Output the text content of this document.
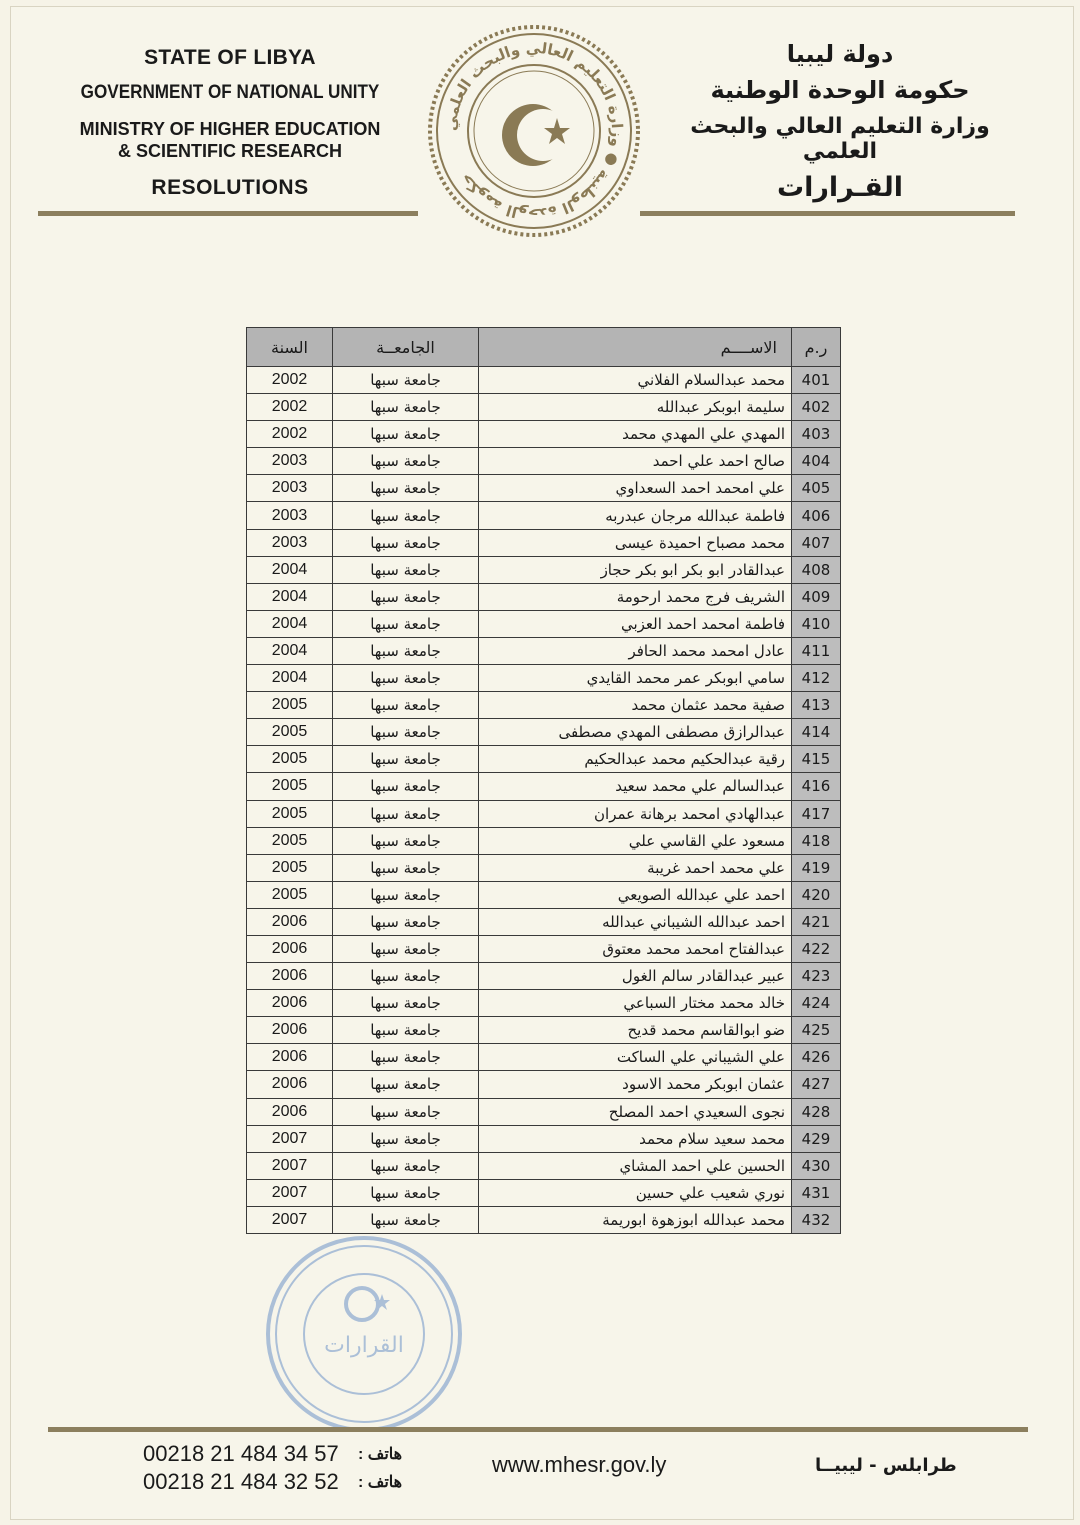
STATE OF LIBYA
GOVERNMENT OF NATIONAL UNITY
MINISTRY OF HIGHER EDUCATION
& SCIENTIFIC RESEARCH
RESOLUTIONS
دولة ليبيا
حكومة الوحدة الوطنية
وزارة التعليم العالي والبحث العلمي
القـرارات
حكومة الوحدة الوطنية ● وزارة التعليم العالي والبحث العلمي
ر.م	الاســــم	الجامعــة	السنة
401	محمد عبدالسلام الفلاني	جامعة سبها	2002
402	سليمة ابوبكر عبدالله	جامعة سبها	2002
403	المهدي علي المهدي محمد	جامعة سبها	2002
404	صالح احمد علي احمد	جامعة سبها	2003
405	علي امحمد احمد السعداوي	جامعة سبها	2003
406	فاطمة عبدالله مرجان عبدربه	جامعة سبها	2003
407	محمد مصباح احميدة عيسى	جامعة سبها	2003
408	عبدالقادر ابو بكر ابو بكر حجاز	جامعة سبها	2004
409	الشريف فرج محمد ارحومة	جامعة سبها	2004
410	فاطمة امحمد احمد العزبي	جامعة سبها	2004
411	عادل امحمد محمد الحافر	جامعة سبها	2004
412	سامي ابوبكر عمر محمد القايدي	جامعة سبها	2004
413	صفية محمد عثمان محمد	جامعة سبها	2005
414	عبدالرازق مصطفى المهدي مصطفى	جامعة سبها	2005
415	رقية عبدالحكيم محمد عبدالحكيم	جامعة سبها	2005
416	عبدالسالم علي محمد سعيد	جامعة سبها	2005
417	عبدالهادي امحمد برهانة عمران	جامعة سبها	2005
418	مسعود علي القاسي علي	جامعة سبها	2005
419	علي محمد احمد غريبة	جامعة سبها	2005
420	احمد علي عبدالله الصويعي	جامعة سبها	2005
421	احمد عبدالله الشيباني عبدالله	جامعة سبها	2006
422	عبدالفتاح امحمد محمد معتوق	جامعة سبها	2006
423	عبير عبدالقادر سالم الغول	جامعة سبها	2006
424	خالد محمد مختار السباعي	جامعة سبها	2006
425	ضو ابوالقاسم محمد قديح	جامعة سبها	2006
426	علي الشيباني علي الساكت	جامعة سبها	2006
427	عثمان ابوبكر محمد الاسود	جامعة سبها	2006
428	نجوى السعيدي احمد المصلح	جامعة سبها	2006
429	محمد سعيد سلام محمد	جامعة سبها	2007
430	الحسين علي احمد المشاي	جامعة سبها	2007
431	نوري شعيب علي حسين	جامعة سبها	2007
432	محمد عبدالله ابوزهوة ابوريمة	جامعة سبها	2007
القرارات
00218 21 484 34 57	هاتف :
00218 21 484 32 52	هاتف :
www.mhesr.gov.ly	طرابلس - ليبيــا
